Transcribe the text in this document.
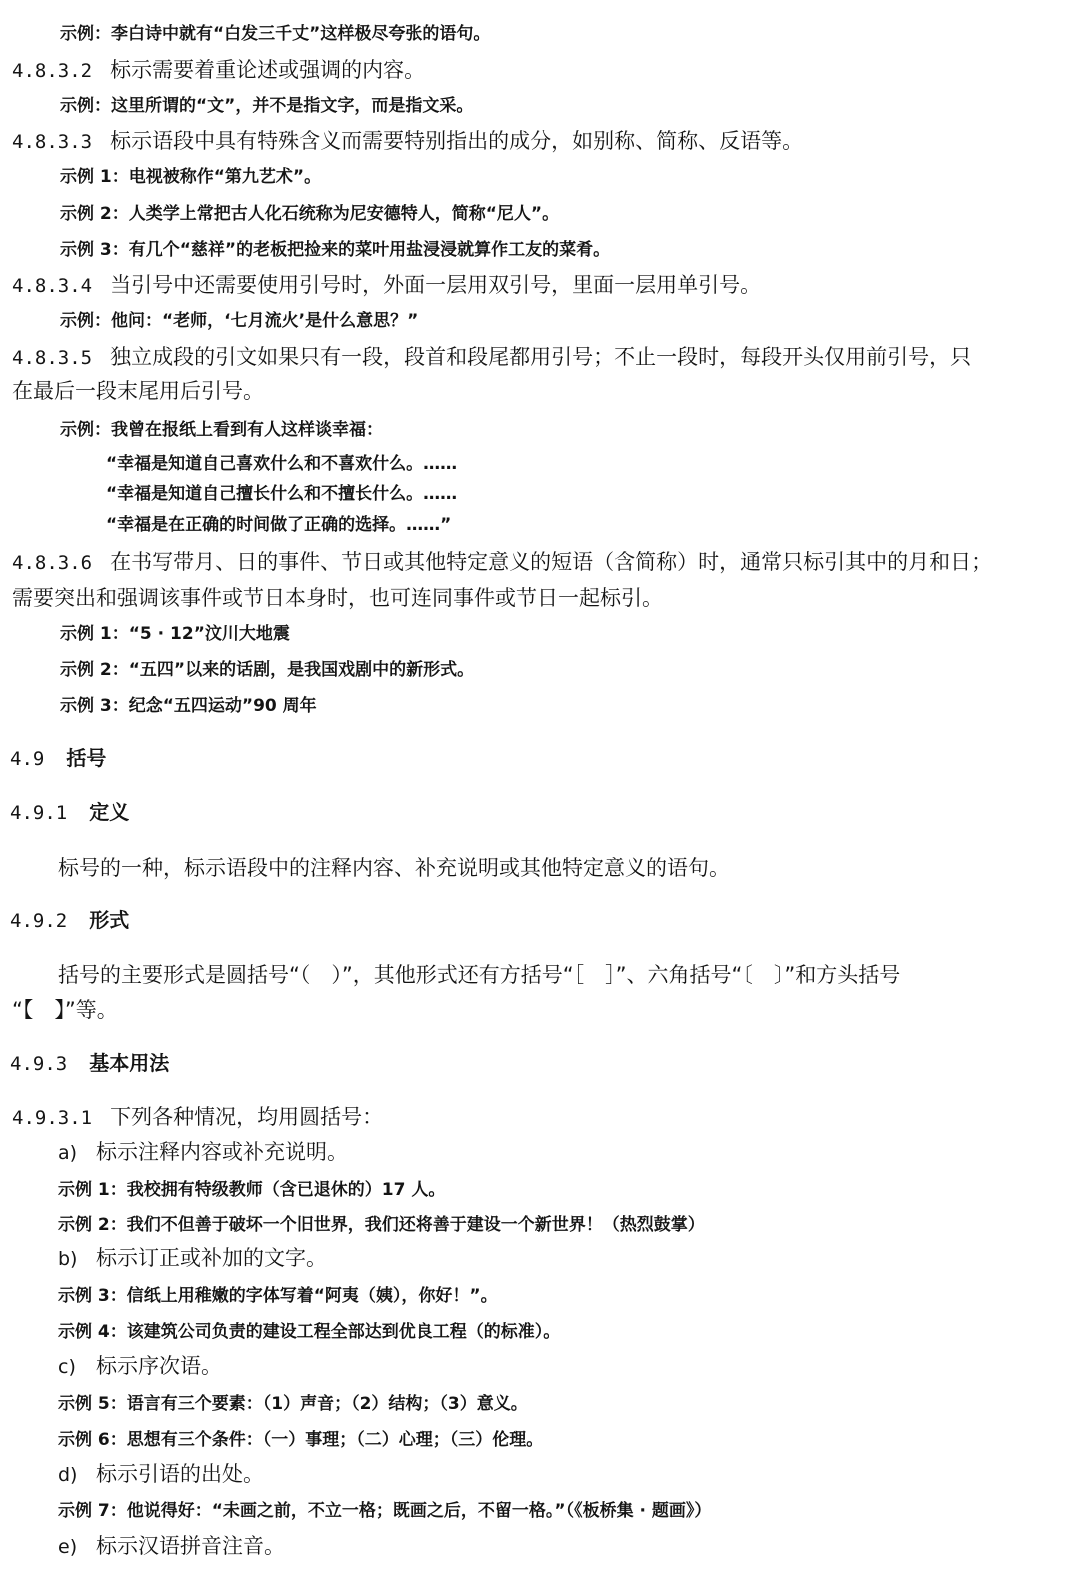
示例：李白诗中就有“白发三千丈”这样极尽夸张的语句。
4.8.3.2 标示需要着重论述或强调的内容。
示例：这里所谓的“文”，并不是指文字，而是指文采。
4.8.3.3 标示语段中具有特殊含义而需要特别指出的成分，如别称、简称、反语等。
示例 1：电视被称作“第九艺术”。
示例 2：人类学上常把古人化石统称为尼安德特人，简称“尼人”。
示例 3：有几个“慈祥”的老板把捡来的菜叶用盐浸浸就算作工友的菜肴。
4.8.3.4 当引号中还需要使用引号时，外面一层用双引号，里面一层用单引号。
示例：他问：“老师，‘七月流火’是什么意思？”
4.8.3.5 独立成段的引文如果只有一段，段首和段尾都用引号；不止一段时，每段开头仅用前引号，只
在最后一段末尾用后引号。
示例：我曾在报纸上看到有人这样谈幸福：
“幸福是知道自己喜欢什么和不喜欢什么。……
“幸福是知道自己擅长什么和不擅长什么。……
“幸福是在正确的时间做了正确的选择。……”
4.8.3.6 在书写带月、日的事件、节日或其他特定意义的短语（含简称）时，通常只标引其中的月和日；
需要突出和强调该事件或节日本身时，也可连同事件或节日一起标引。
示例 1：“5 · 12”汶川大地震
示例 2：“五四”以来的话剧，是我国戏剧中的新形式。
示例 3：纪念“五四运动”90 周年
4.9 括号
4.9.1 定义
标号的一种，标示语段中的注释内容、补充说明或其他特定意义的语句。
4.9.2 形式
括号的主要形式是圆括号“（　）”，其他形式还有方括号“［　］”、六角括号“〔　〕”和方头括号
“【　】”等。
4.9.3 基本用法
4.9.3.1 下列各种情况，均用圆括号：
a) 标示注释内容或补充说明。
示例 1：我校拥有特级教师（含已退休的）17 人。
示例 2：我们不但善于破坏一个旧世界，我们还将善于建设一个新世界！（热烈鼓掌）
b) 标示订正或补加的文字。
示例 3：信纸上用稚嫩的字体写着“阿夷（姨），你好！”。
示例 4：该建筑公司负责的建设工程全部达到优良工程（的标准）。
c) 标示序次语。
示例 5：语言有三个要素：（1）声音；（2）结构；（3）意义。
示例 6：思想有三个条件：（一）事理；（二）心理；（三）伦理。
d) 标示引语的出处。
示例 7：他说得好：“未画之前，不立一格；既画之后，不留一格。”（《板桥集 · 题画》）
e) 标示汉语拼音注音。
